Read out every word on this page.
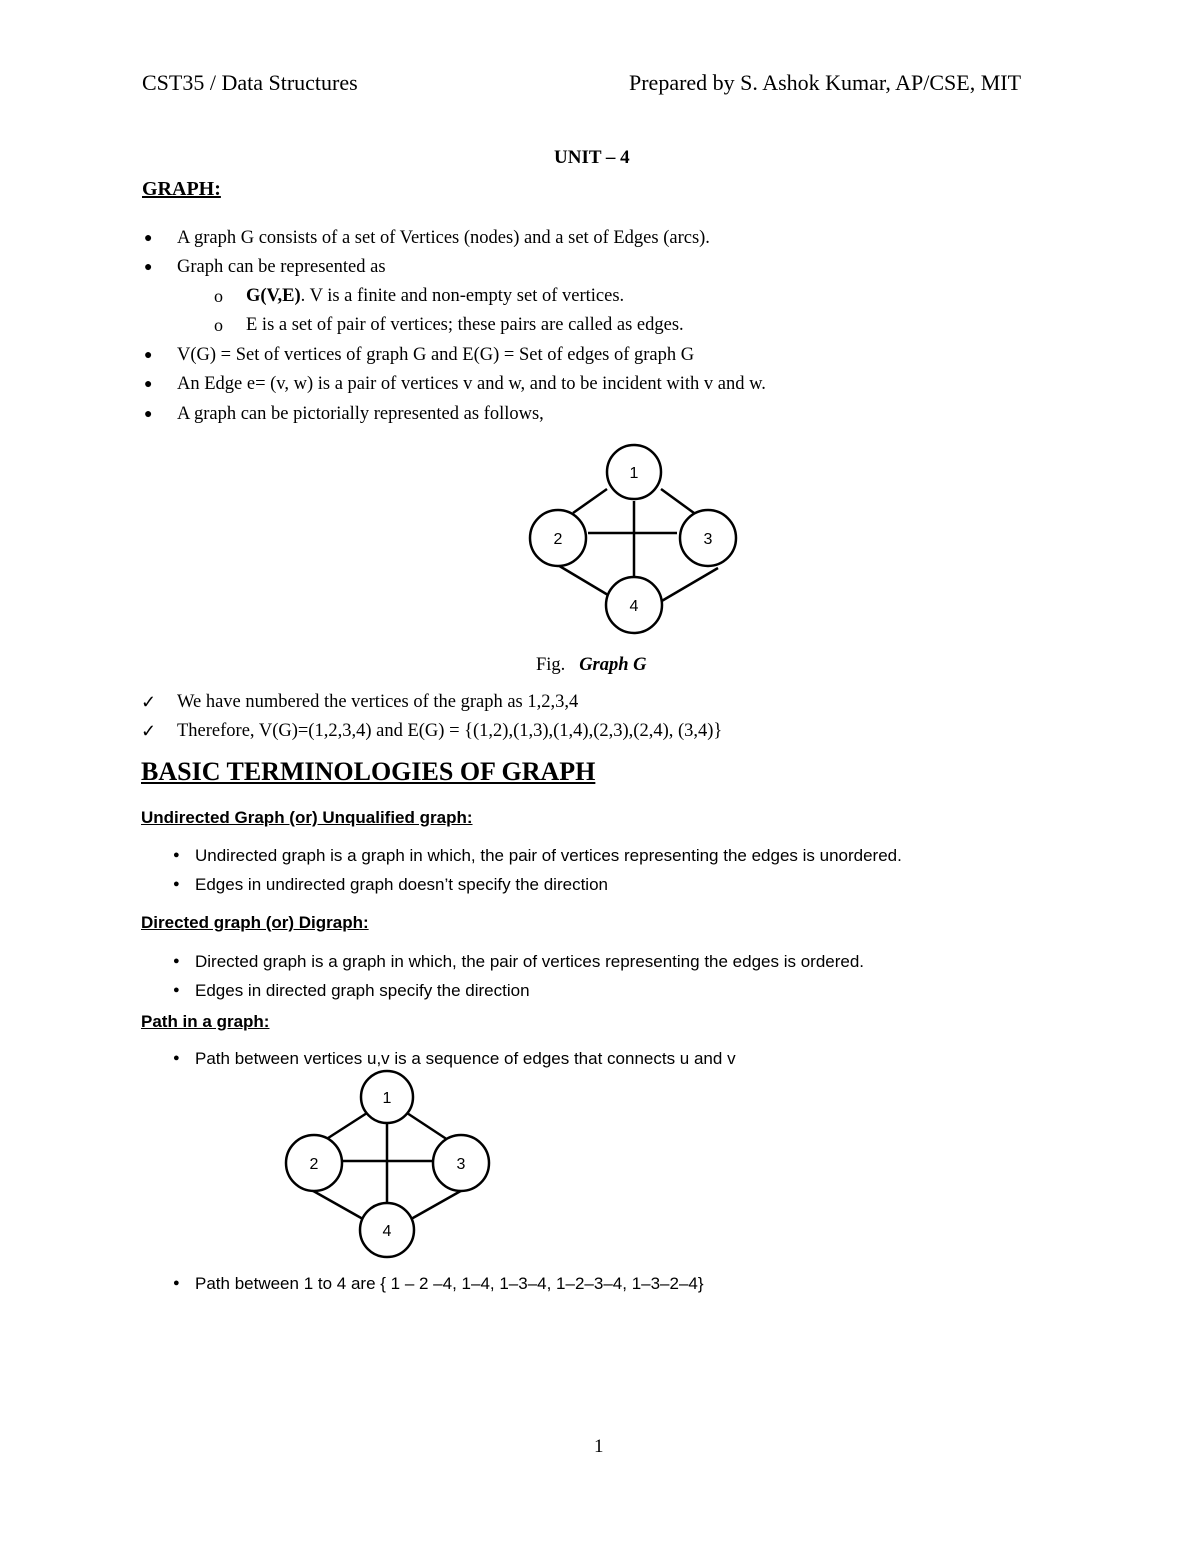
CST35 / Data Structures	Prepared by S. Ashok Kumar, AP/CSE, MIT
UNIT – 4
GRAPH:
● A graph G consists of a set of Vertices (nodes) and a set of Edges (arcs).
● Graph can be represented as
o G(V,E). V is a finite and non-empty set of vertices.
o E is a set of pair of vertices; these pairs are called as edges.
● V(G) = Set of vertices of graph G and E(G) = Set of edges of graph G
● An Edge e= (v, w) is a pair of vertices v and w, and to be incident with v and w.
● A graph can be pictorially represented as follows,
1
2	3
4
Fig. Graph G
✓ We have numbered the vertices of the graph as 1,2,3,4
✓ Therefore, V(G)=(1,2,3,4) and E(G) = {(1,2),(1,3),(1,4),(2,3),(2,4), (3,4)}
BASIC TERMINOLOGIES OF GRAPH
Undirected Graph (or) Unqualified graph:
● Undirected graph is a graph in which, the pair of vertices representing the edges is unordered.
● Edges in undirected graph doesn’t specify the direction
Directed graph (or) Digraph:
● Directed graph is a graph in which, the pair of vertices representing the edges is ordered.
● Edges in directed graph specify the direction
Path in a graph:
● Path between vertices u,v is a sequence of edges that connects u and v
1
2	3
4
● Path between 1 to 4 are { 1 – 2 –4, 1–4, 1–3–4, 1–2–3–4, 1–3–2–4}
1
